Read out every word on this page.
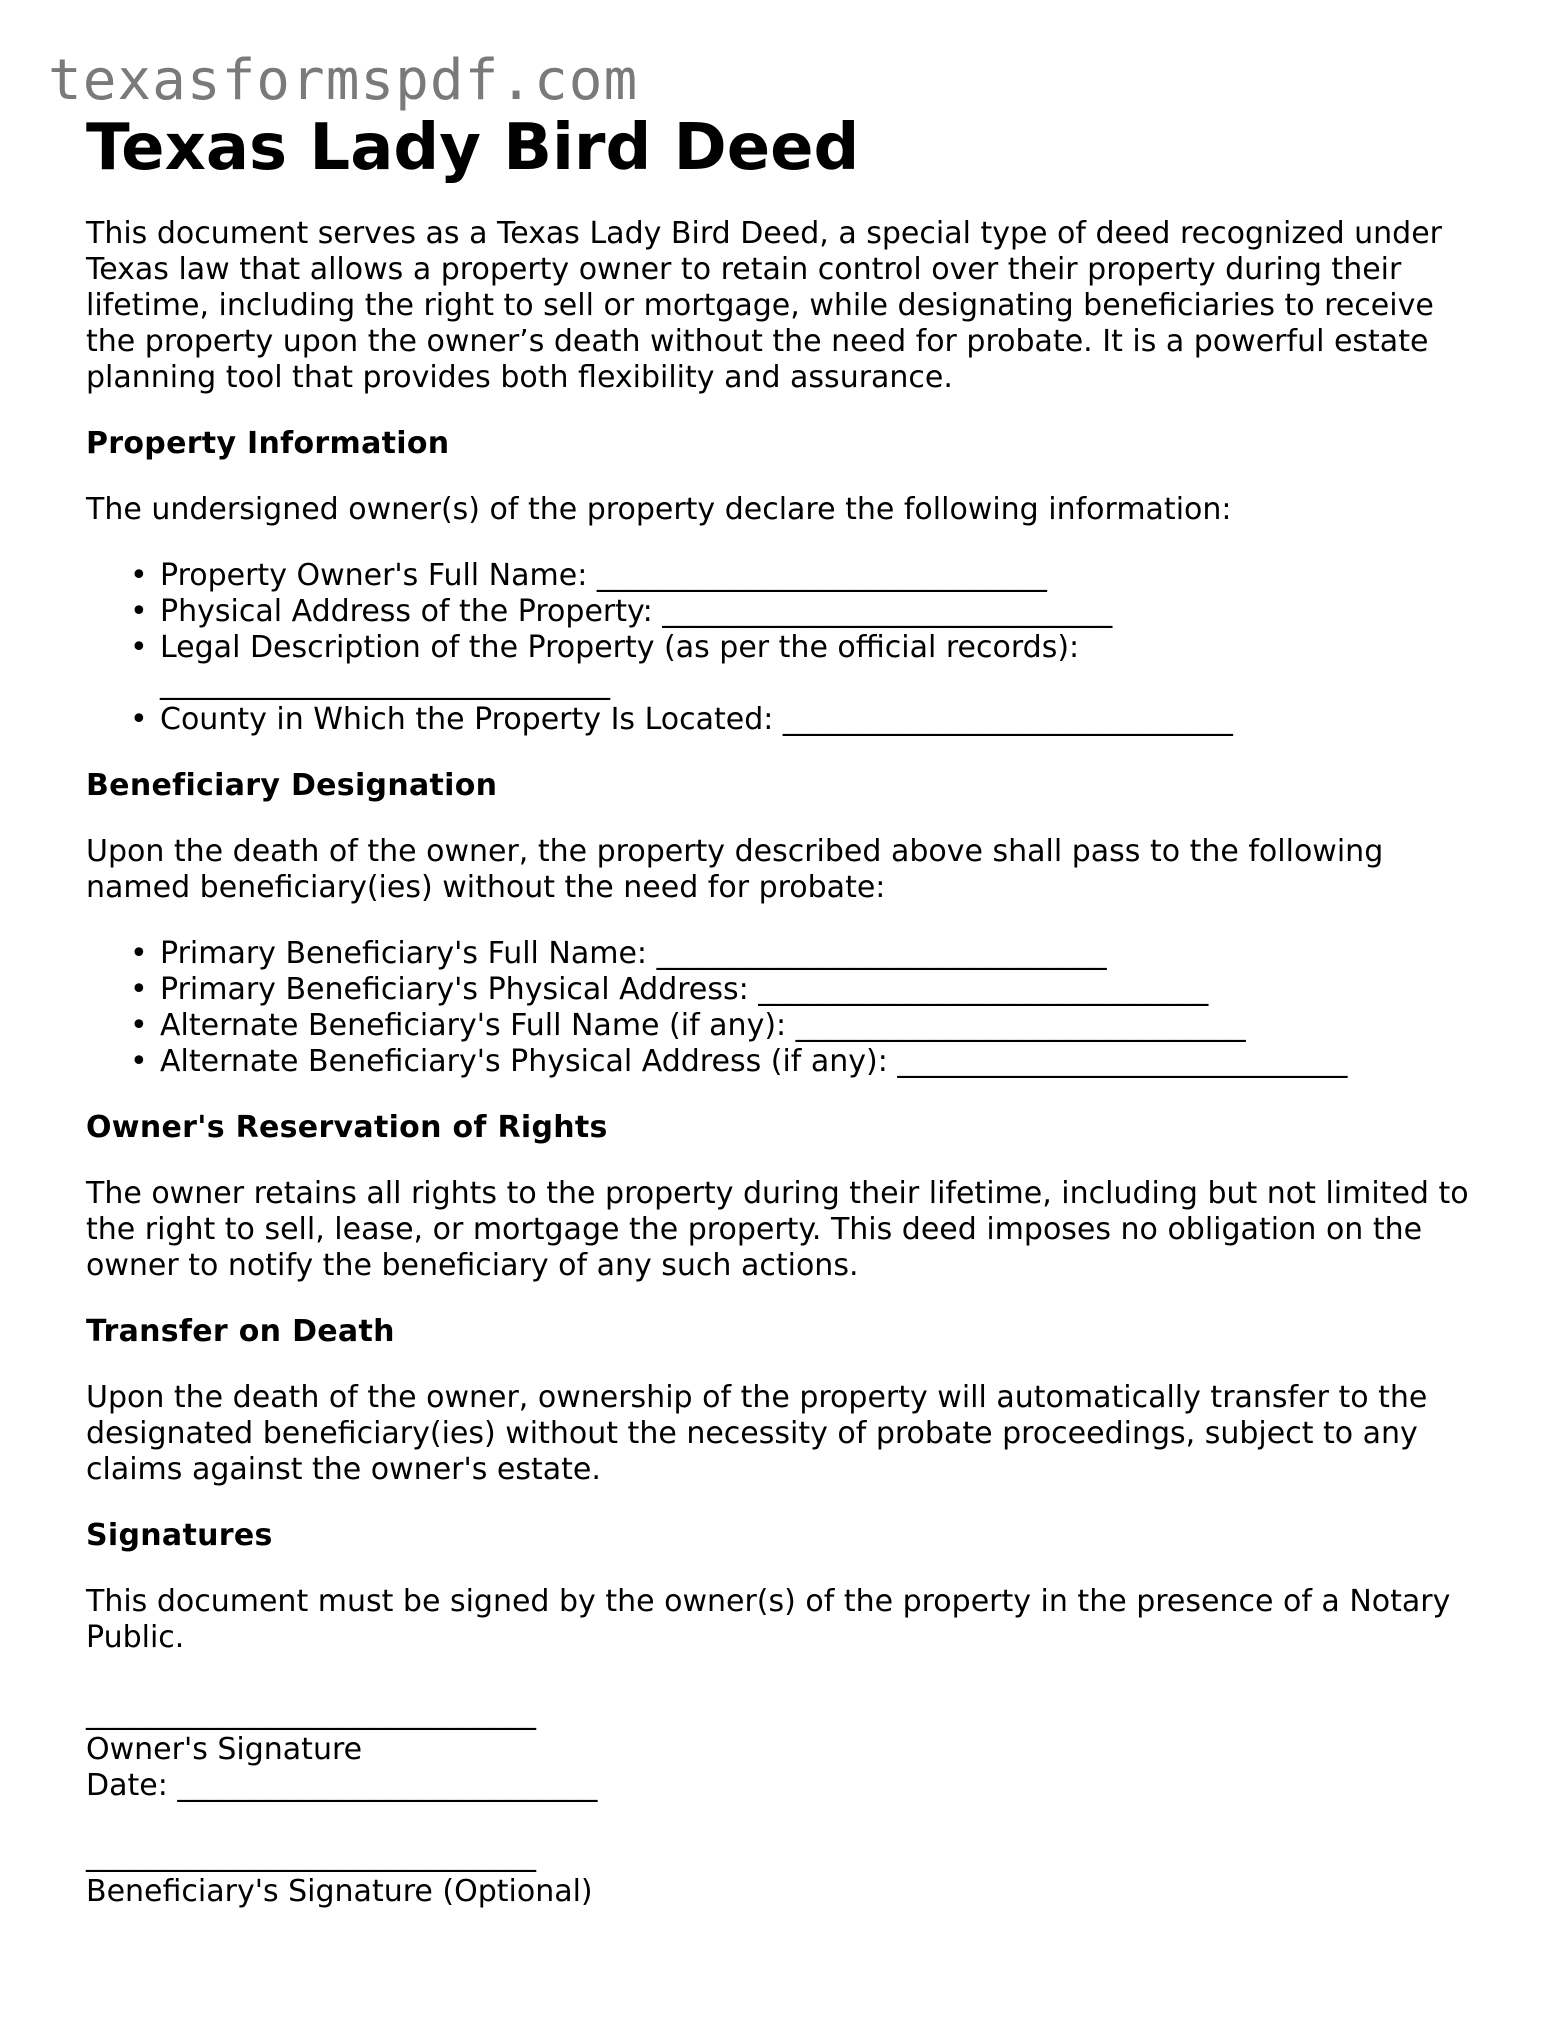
texasformspdf.com
Texas Lady Bird Deed

This document serves as a Texas Lady Bird Deed, a special type of deed recognized under Texas law that allows a property owner to retain control over their property during their lifetime, including the right to sell or mortgage, while designating beneficiaries to receive the property upon the owner’s death without the need for probate. It is a powerful estate planning tool that provides both flexibility and assurance.

Property Information

The undersigned owner(s) of the property declare the following information:

• Property Owner's Full Name: ______________________________
• Physical Address of the Property: ______________________________
• Legal Description of the Property (as per the official records): ______________________________
• County in Which the Property Is Located: ______________________________
Beneficiary Designation

Upon the death of the owner, the property described above shall pass to the following named beneficiary(ies) without the need for probate:

• Primary Beneficiary's Full Name: ______________________________
• Primary Beneficiary's Physical Address: ______________________________
• Alternate Beneficiary's Full Name (if any): ______________________________
• Alternate Beneficiary's Physical Address (if any): ______________________________
Owner's Reservation of Rights

The owner retains all rights to the property during their lifetime, including but not limited to the right to sell, lease, or mortgage the property. This deed imposes no obligation on the owner to notify the beneficiary of any such actions.

Transfer on Death

Upon the death of the owner, ownership of the property will automatically transfer to the designated beneficiary(ies) without the necessity of probate proceedings, subject to any claims against the owner's estate.

Signatures

This document must be signed by the owner(s) of the property in the presence of a Notary Public.

______________________________
Owner's Signature
Date: ____________________________
______________________________
Beneficiary's Signature (Optional)
